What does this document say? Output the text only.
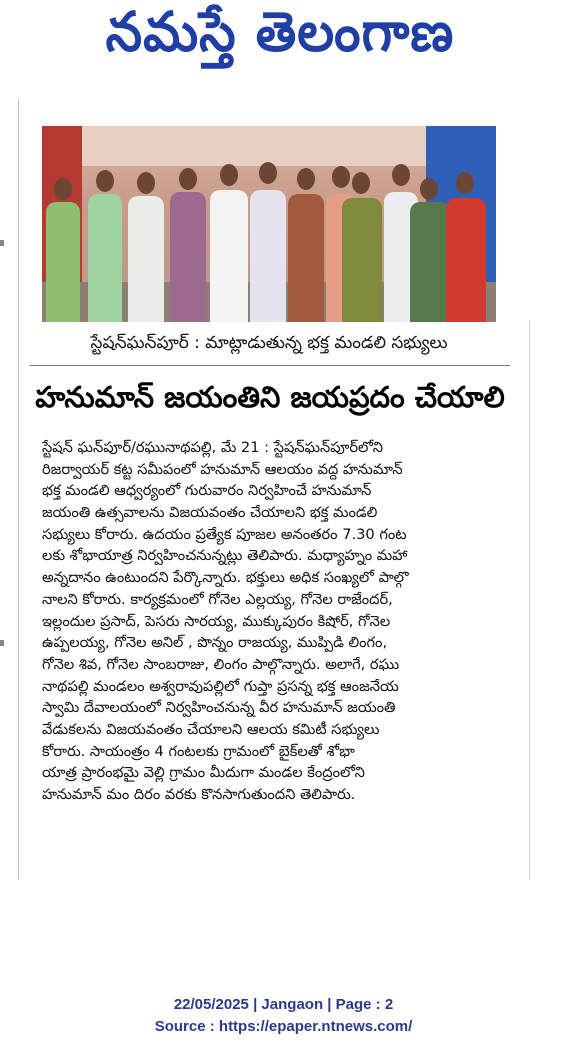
నమస్తే తెలంగాణ
స్టేషన్‌ఘన్‌పూర్ : మాట్లాడుతున్న భక్త మండలి సభ్యులు
హనుమాన్ జయంతిని జయప్రదం చేయాలి
స్టేషన్ ఘన్‌పూర్/రఘునాథపల్లి, మే 21 : స్టేషన్‌ఘన్‌పూర్‌లోని
రిజర్వాయర్ కట్ట సమీపంలో హనుమాన్ ఆలయం వద్ద హనుమాన్
భక్త మండలి ఆధ్వర్యంలో గురువారం నిర్వహించే హనుమాన్
జయంతి ఉత్సవాలను విజయవంతం చేయాలని భక్త మండలి
సభ్యులు కోరారు. ఉదయం ప్రత్యేక పూజల అనంతరం 7.30 గంట
లకు శోభాయాత్ర నిర్వహించనున్నట్లు తెలిపారు. మధ్యాహ్నం మహా
అన్నదానం ఉంటుందని పేర్కొన్నారు. భక్తులు అధిక సంఖ్యలో పాల్గొ
నాలని కోరారు. కార్యక్రమంలో గోనెల ఎల్లయ్య, గోనెల రాజేందర్,
ఇల్లందుల ప్రసాద్, పెసరు సారయ్య, ముక్కుపురం కిషోర్, గోనెల
ఉప్పలయ్య, గోనెల అనిల్ , పొన్నం రాజయ్య, ముప్పిడి లింగం,
గోనెల శివ, గోనెల సాంబరాజు, లింగం పాల్గొన్నారు. అలాగే, రఘు
నాథపల్లి మండలం అశ్వరావుపల్లిలో గుప్తా ప్రసన్న భక్త ఆంజనేయ
స్వామి దేవాలయంలో నిర్వహించనున్న వీర హనుమాన్ జయంతి
వేడుకలను విజయవంతం చేయాలని ఆలయ కమిటీ సభ్యులు
కోరారు. సాయంత్రం 4 గంటలకు గ్రామంలో బైక్‌లతో శోభా
యాత్ర ప్రారంభమై వెల్లి గ్రామం మీదుగా మండల కేంద్రంలోని
హనుమాన్ మం దిరం వరకు కొనసాగుతుందని తెలిపారు.
22/05/2025 | Jangaon | Page : 2
Source : https://epaper.ntnews.com/
